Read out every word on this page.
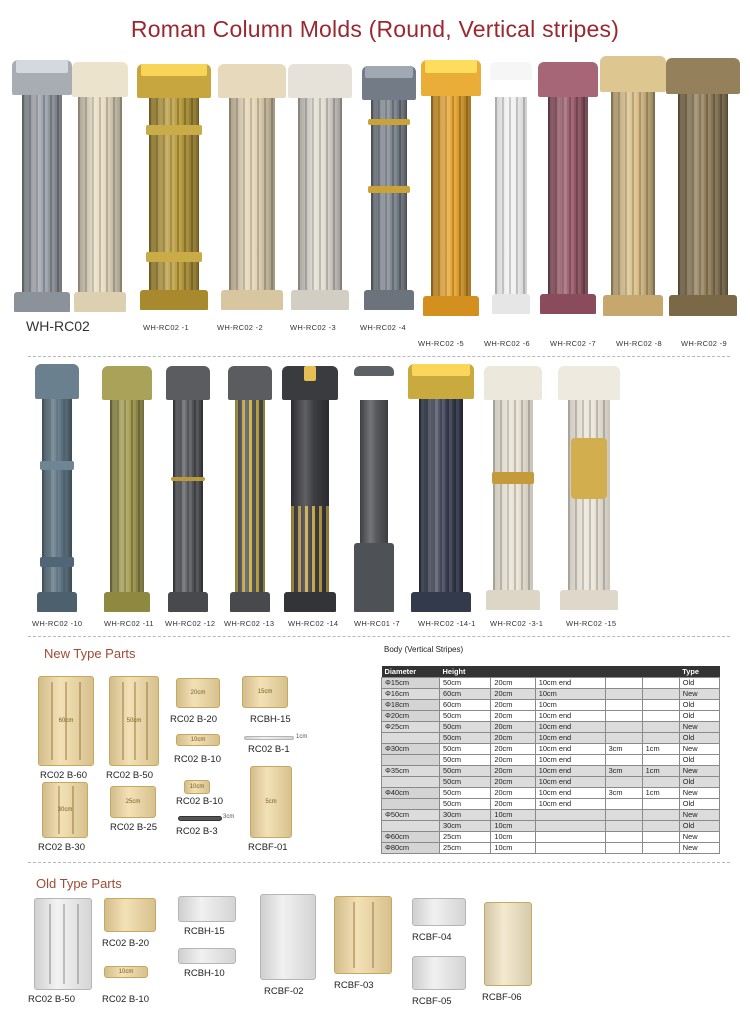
Roman Column Molds (Round, Vertical stripes)
WH-RC02	WH-RC02 -1	WH-RC02 -2	WH-RC02 -3	WH-RC02 -4
WH-RC02 -5	WH-RC02 -6	WH-RC02 -7	WH-RC02 -8	WH-RC02 -9
WH-RC02 -10	WH-RC02 -11 WH-RC02 -12 WH-RC02 -13 WH-RC02 -14 WH-RC01 -7 WH-RC02 -14-1 WH-RC02 -3-1	WH-RC02 -15
New Type Parts
60cm
RC02 B-60
50cm
RC02 B-50
20cm
RC02 B-20
15cm
RCBH-15
10cm
RC02 B-10
1cm
RC02 B-1
10cm
RC02 B-10
3cm
RC02 B-3
25cm
RC02 B-25
30cm
RC02 B-30
5cm
RCBF-01
Body (Vertical Stripes)
Diameter	Height					Type
Φ15cm	50cm	20cm	10cm end			Old
Φ16cm	60cm	20cm	10cm			New
Φ18cm	60cm	20cm	10cm			Old
Φ20cm	50cm	20cm	10cm end			Old
Φ25cm	50cm	20cm	10cm end			New
	50cm	20cm	10cm end			Old
Φ30cm	50cm	20cm	10cm end	3cm	1cm	New
	50cm	20cm	10cm end			Old
Φ35cm	50cm	20cm	10cm end	3cm	1cm	New
	50cm	20cm	10cm end			Old
Φ40cm	50cm	20cm	10cm end	3cm	1cm	New
	50cm	20cm	10cm end			Old
Φ50cm	30cm	10cm				New
	30cm	10cm				Old
Φ60cm	25cm	10cm				New
Φ80cm	25cm	10cm				New
Old Type Parts
RC02 B-50
RC02 B-20
10cm
RC02 B-10
RCBH-15
RCBH-10
RCBF-02
RCBF-03
RCBF-04
RCBF-05	RCBF-06
